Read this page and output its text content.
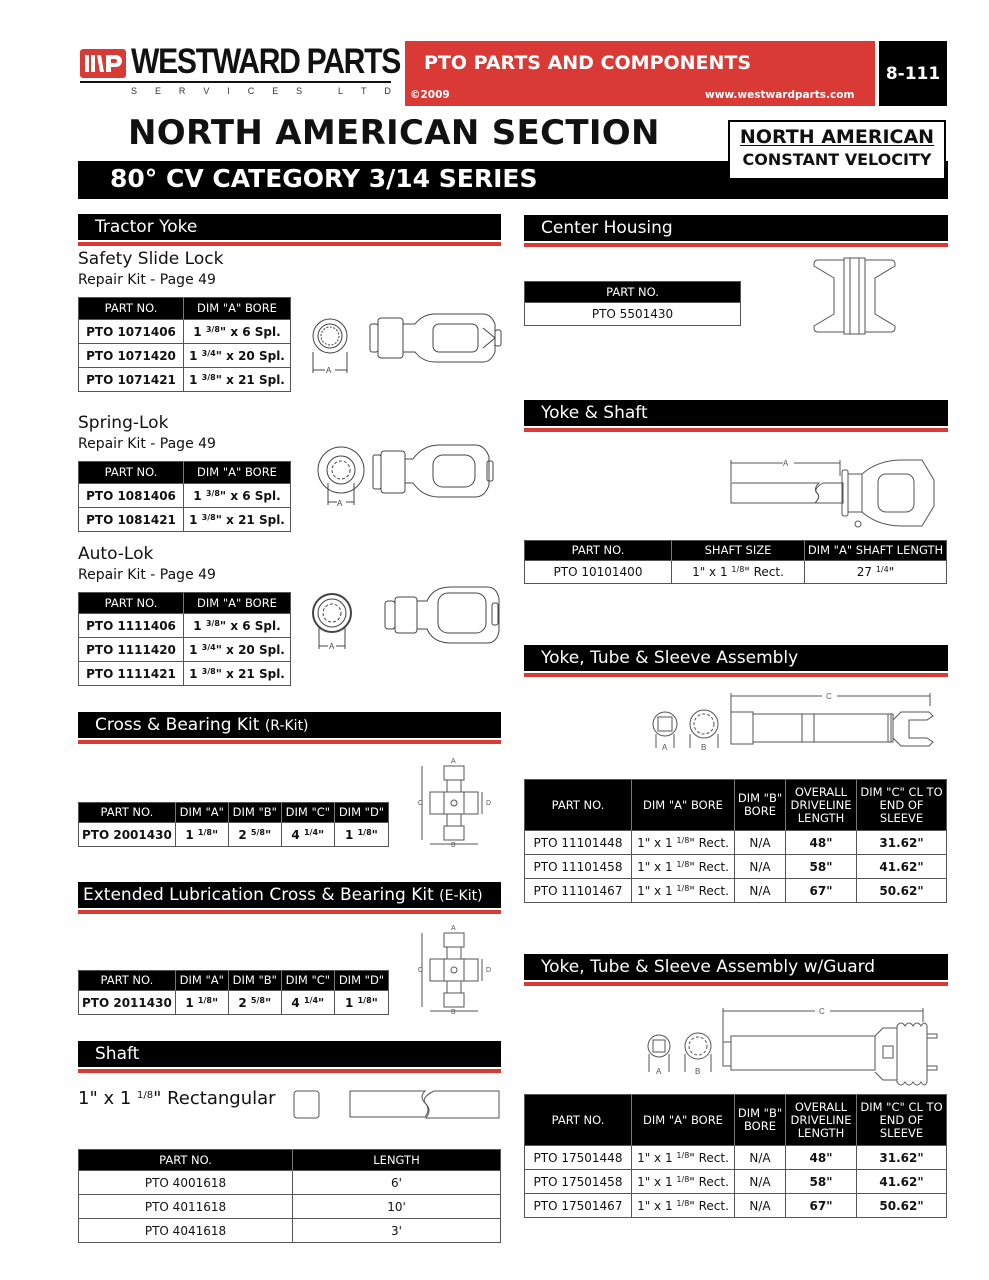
WESTWARD PARTS
S E R V I C E S	L T D
PTO PARTS AND COMPONENTS
©2009	www.westwardparts.com
8-111
NORTH AMERICAN SECTION
80° CV CATEGORY 3/14 SERIES
NORTH AMERICAN
CONSTANT VELOCITY
Tractor Yoke
Safety Slide Lock
Repair Kit - Page 49
PART NO.	DIM "A" BORE
PTO 1071406	1 $^{3/8}$" x 6 Spl.
PTO 1071420	1 $^{3/4}$" x 20 Spl.
PTO 1071421	1 $^{3/8}$" x 21 Spl.
A
Spring-Lok
Repair Kit - Page 49
PART NO.	DIM "A" BORE
PTO 1081406	1 $^{3/8}$" x 6 Spl.
PTO 1081421	1 $^{3/8}$" x 21 Spl.
A
Auto-Lok
Repair Kit - Page 49
PART NO.	DIM "A" BORE
PTO 1111406	1 $^{3/8}$" x 6 Spl.
PTO 1111420	1 $^{3/4}$" x 20 Spl.
PTO 1111421	1 $^{3/8}$" x 21 Spl.
A
Cross & Bearing Kit (R-Kit)
PART NO.	DIM "A"	DIM "B"	DIM "C"	DIM "D"
PTO 2001430	1 $^{1/8}$"	2 $^{5/8}$"	4 $^{1/4}$"	1 $^{1/8}$"
A
B
C	D
Extended Lubrication Cross & Bearing Kit (E-Kit)
PART NO.	DIM "A"	DIM "B"	DIM "C"	DIM "D"
PTO 2011430	1 $^{1/8}$"	2 $^{5/8}$"	4 $^{1/4}$"	1 $^{1/8}$"
A
B
C	D
Shaft
1" x 1 $^{1/8}$" Rectangular
PART NO.	LENGTH
PTO 4001618	6'
PTO 4011618	10'
PTO 4041618	3'
Center Housing
PART NO.
PTO 5501430
Yoke & Shaft
A
PART NO.	SHAFT SIZE	DIM "A" SHAFT LENGTH
PTO 10101400	1" x 1 $^{1/8}$" Rect.	27 $^{1/4}$"
Yoke, Tube & Sleeve Assembly
A	B
C
PART NO.	DIM "A" BORE	DIM "B" BORE	OVERALL DRIVELINE LENGTH	DIM "C" CL TO END OF SLEEVE
PTO 11101448	1" x 1 $^{1/8}$" Rect.	N/A	48"	31.62"
PTO 11101458	1" x 1 $^{1/8}$" Rect.	N/A	58"	41.62"
PTO 11101467	1" x 1 $^{1/8}$" Rect.	N/A	67"	50.62"
Yoke, Tube & Sleeve Assembly w/Guard
A	B
C
PART NO.	DIM "A" BORE	DIM "B" BORE	OVERALL DRIVELINE LENGTH	DIM "C" CL TO END OF SLEEVE
PTO 17501448	1" x 1 $^{1/8}$" Rect.	N/A	48"	31.62"
PTO 17501458	1" x 1 $^{1/8}$" Rect.	N/A	58"	41.62"
PTO 17501467	1" x 1 $^{1/8}$" Rect.	N/A	67"	50.62"
